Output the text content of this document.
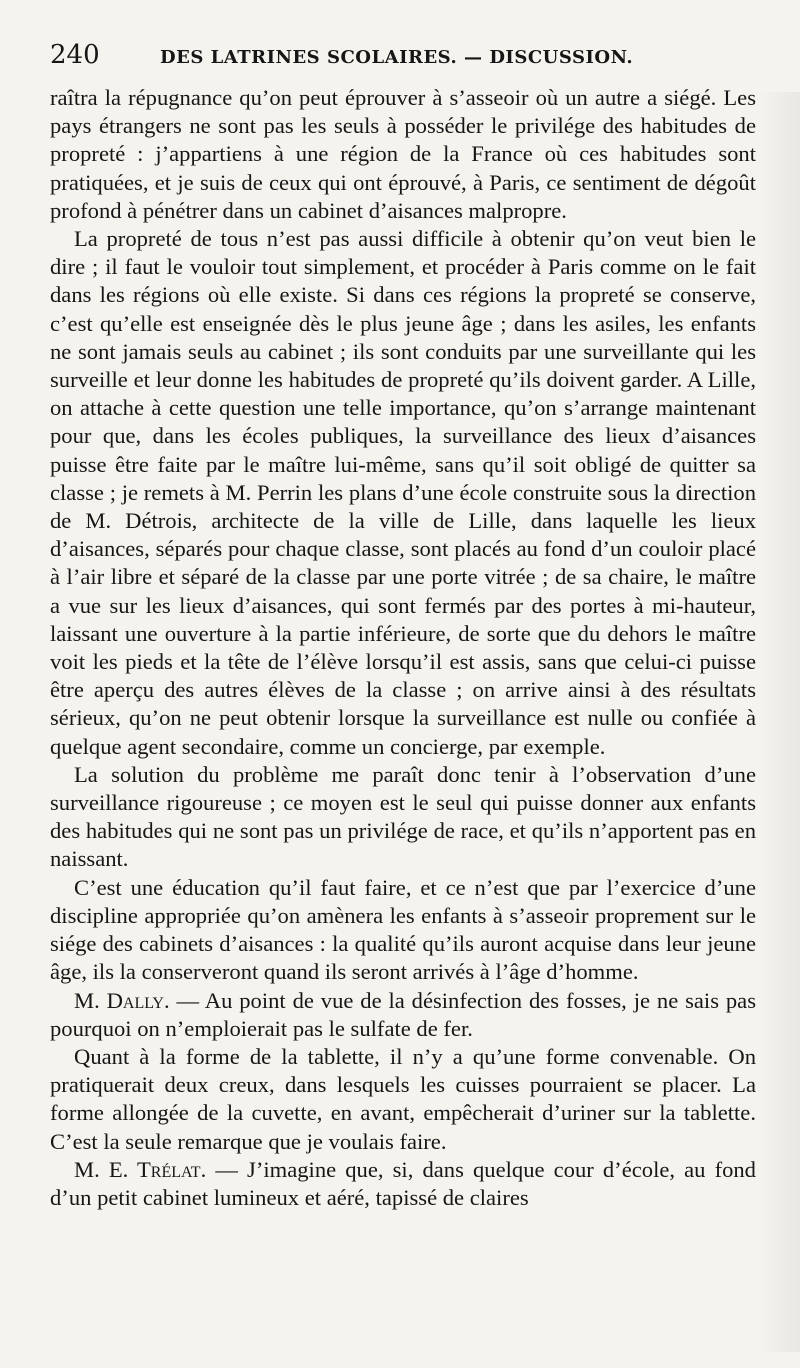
240	DES LATRINES SCOLAIRES. — DISCUSSION.

raîtra la répugnance qu’on peut éprouver à s’asseoir où un autre a siégé. Les pays étrangers ne sont pas les seuls à posséder le privilége des habitudes de propreté : j’appartiens à une région de la France où ces habitudes sont pratiquées, et je suis de ceux qui ont éprouvé, à Paris, ce sentiment de dégoût profond à pénétrer dans un cabinet d’aisances malpropre.

La propreté de tous n’est pas aussi difficile à obtenir qu’on veut bien le dire ; il faut le vouloir tout simplement, et procéder à Paris comme on le fait dans les régions où elle existe. Si dans ces régions la propreté se conserve, c’est qu’elle est enseignée dès le plus jeune âge ; dans les asiles, les enfants ne sont jamais seuls au cabinet ; ils sont conduits par une surveillante qui les surveille et leur donne les habitudes de propreté qu’ils doivent garder. A Lille, on attache à cette question une telle importance, qu’on s’arrange maintenant pour que, dans les écoles publiques, la surveillance des lieux d’aisances puisse être faite par le maître lui-même, sans qu’il soit obligé de quitter sa classe ; je remets à M. Perrin les plans d’une école construite sous la direction de M. Détrois, architecte de la ville de Lille, dans laquelle les lieux d’aisances, séparés pour chaque classe, sont placés au fond d’un couloir placé à l’air libre et séparé de la classe par une porte vitrée ; de sa chaire, le maître a vue sur les lieux d’aisances, qui sont fermés par des portes à mi-hauteur, laissant une ouverture à la partie inférieure, de sorte que du dehors le maître voit les pieds et la tête de l’élève lorsqu’il est assis, sans que celui-ci puisse être aperçu des autres élèves de la classe ; on arrive ainsi à des résultats sérieux, qu’on ne peut obtenir lorsque la surveillance est nulle ou confiée à quelque agent secondaire, comme un concierge, par exemple.

La solution du problème me paraît donc tenir à l’observation d’une surveillance rigoureuse ; ce moyen est le seul qui puisse donner aux enfants des habitudes qui ne sont pas un privilége de race, et qu’ils n’apportent pas en naissant.

C’est une éducation qu’il faut faire, et ce n’est que par l’exercice d’une discipline appropriée qu’on amènera les enfants à s’asseoir proprement sur le siége des cabinets d’aisances : la qualité qu’ils auront acquise dans leur jeune âge, ils la conserveront quand ils seront arrivés à l’âge d’homme.

M. Dally. — Au point de vue de la désinfection des fosses, je ne sais pas pourquoi on n’emploierait pas le sulfate de fer.

Quant à la forme de la tablette, il n’y a qu’une forme convenable. On pratiquerait deux creux, dans lesquels les cuisses pourraient se placer. La forme allongée de la cuvette, en avant, empêcherait d’uriner sur la tablette. C’est la seule remarque que je voulais faire.

M. E. Trélat. — J’imagine que, si, dans quelque cour d’école, au fond d’un petit cabinet lumineux et aéré, tapissé de claires
